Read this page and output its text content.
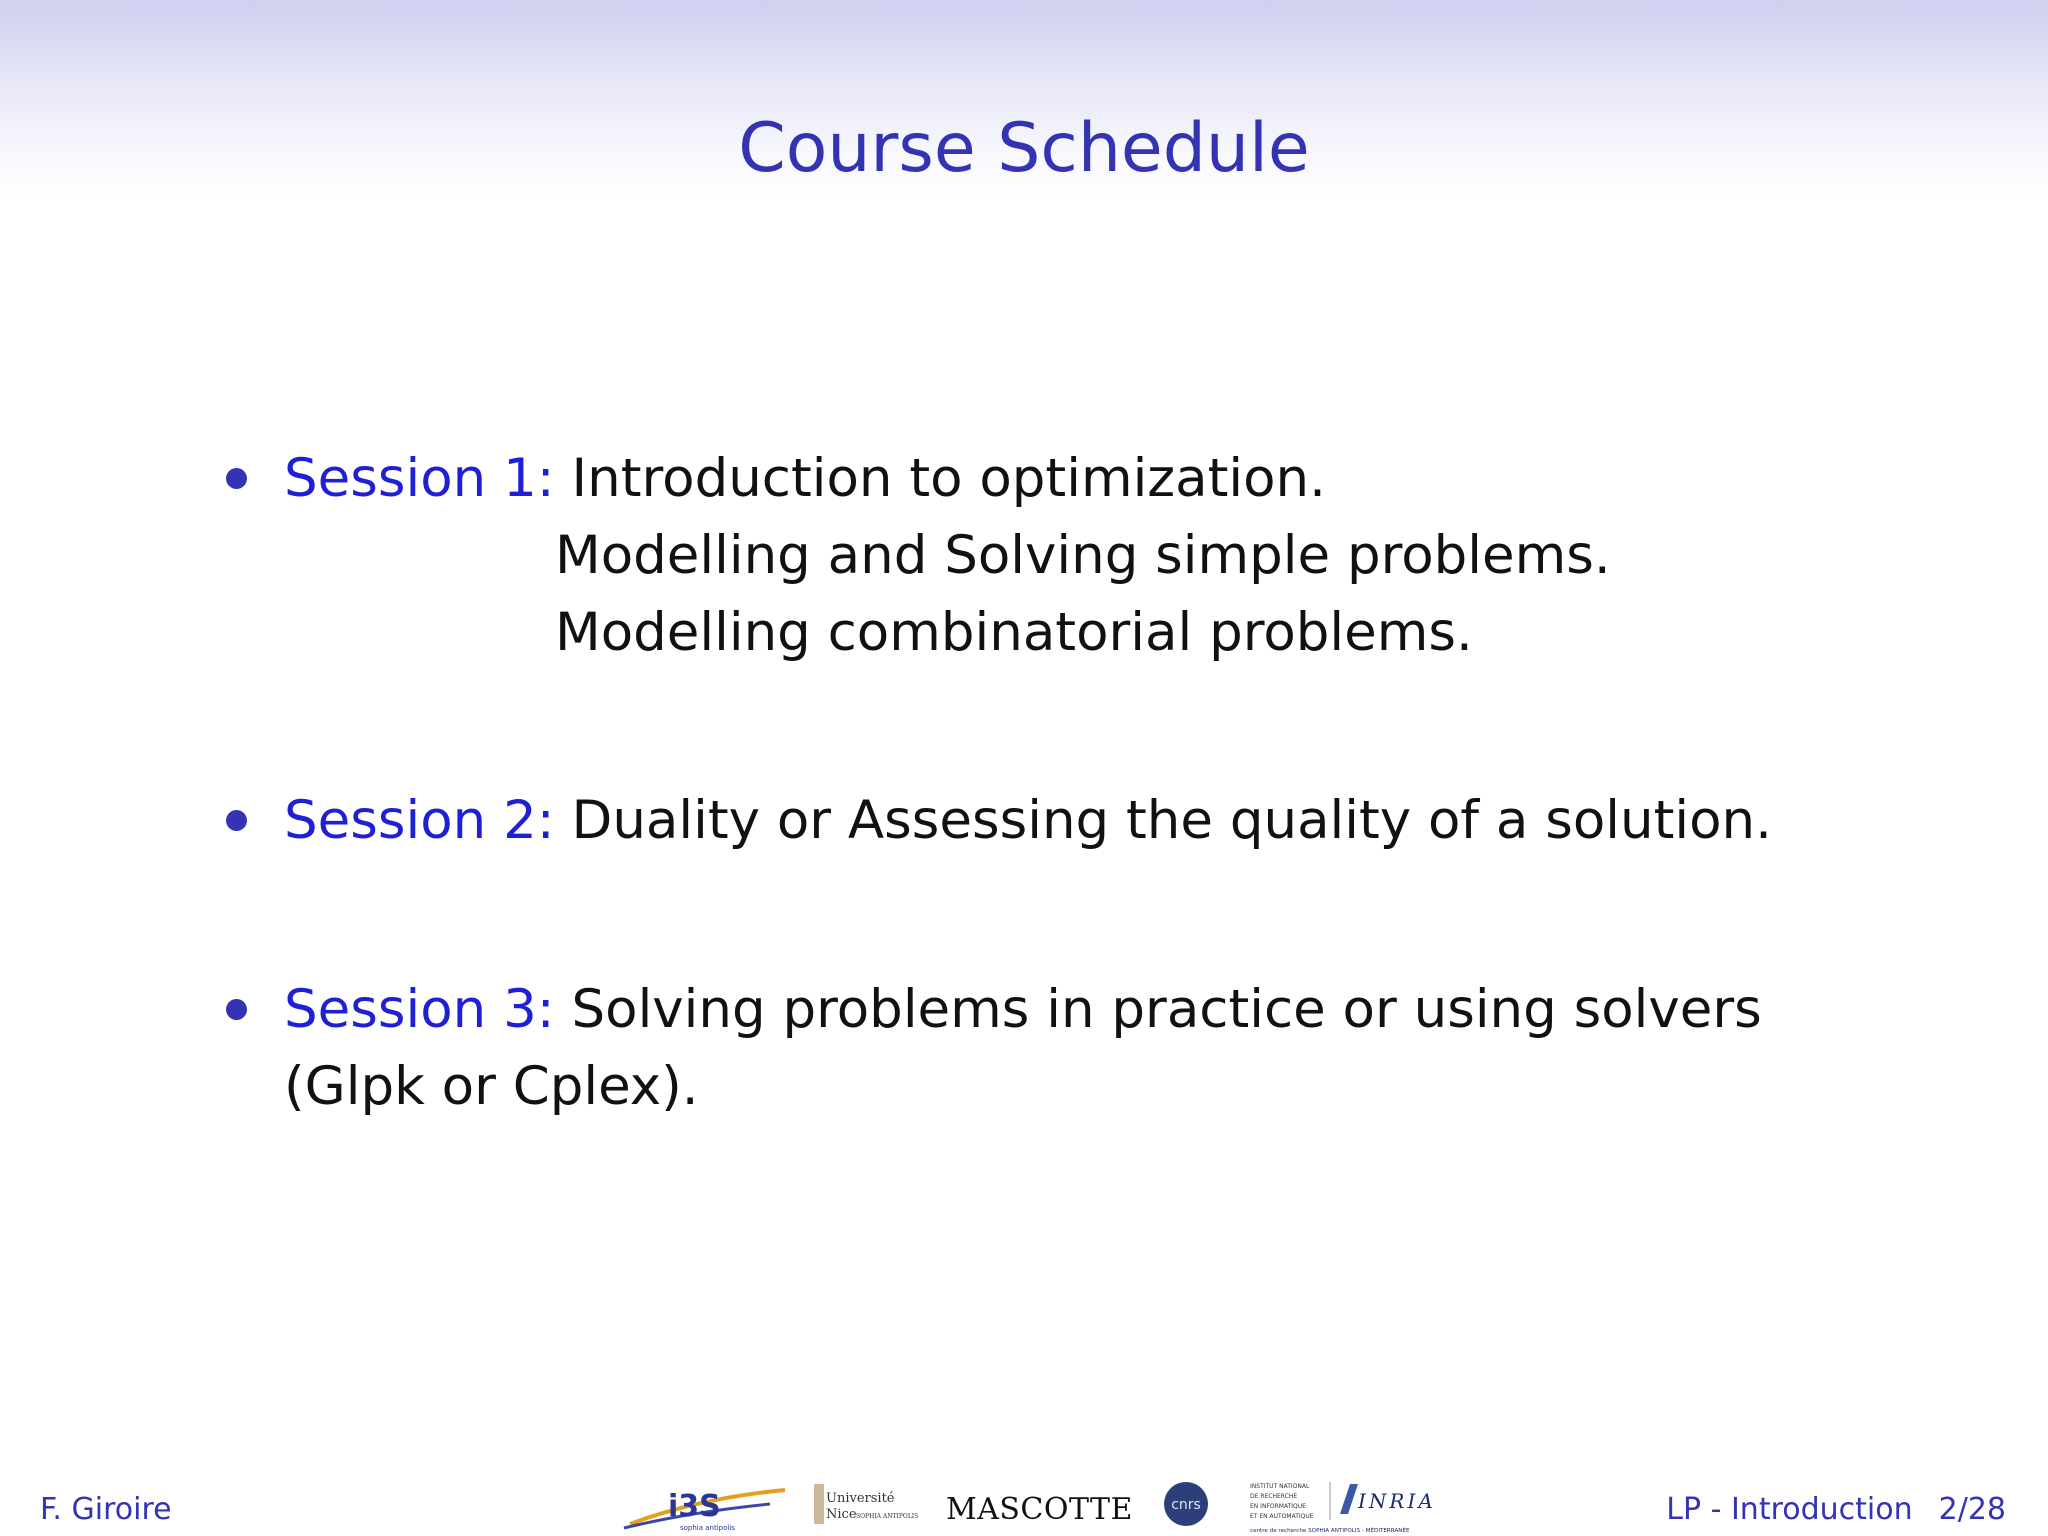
Course Schedule
Session 1: Introduction to optimization.
Modelling and Solving simple problems.
Modelling combinatorial problems.
Session 2: Duality or Assessing the quality of a solution.
Session 3: Solving problems in practice or using solvers (Glpk or Cplex).
F. Giroire	i3S
sophia antipolis
Université
Nice SOPHIA ANTIPOLIS MASCOTTE	cnrs
INSTITUT NATIONAL
DE RECHERCHE
EN INFORMATIQUE
ET EN AUTOMATIQUE
INRIA
centre de recherche SOPHIA ANTIPOLIS - MÉDITERRANÉE
LP - Introduction 2/28
